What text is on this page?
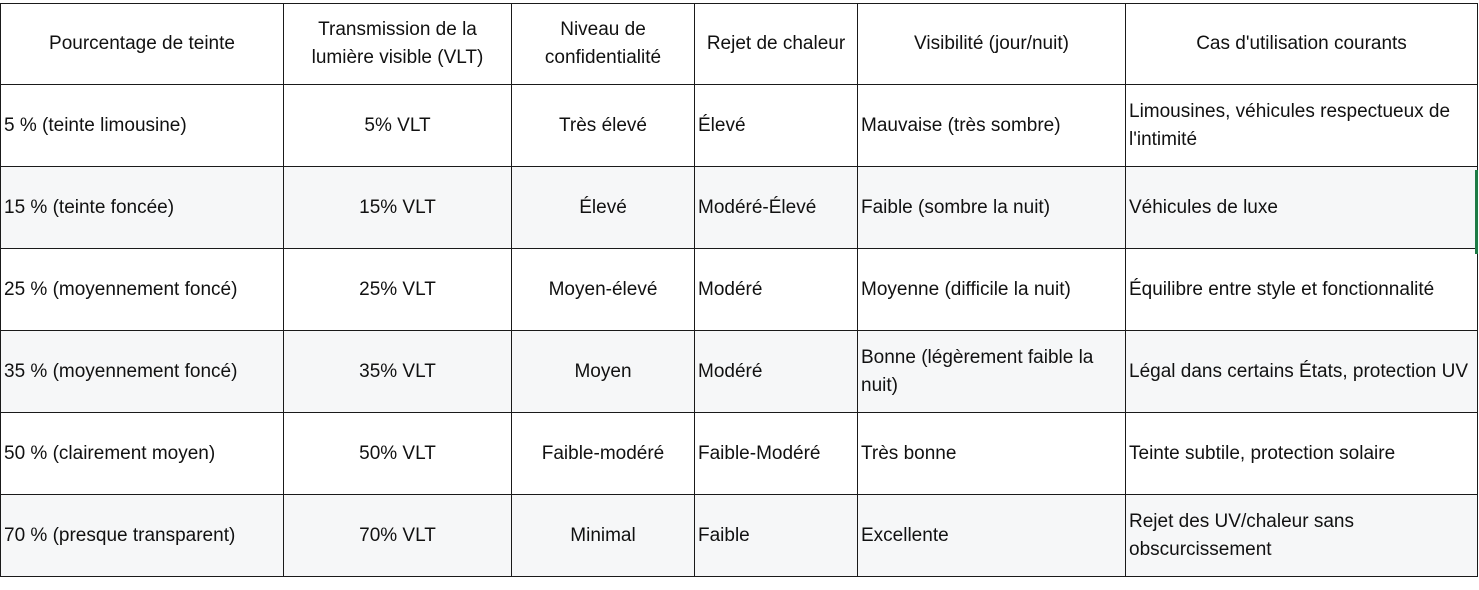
Pourcentage de teinte	Transmission de la lumière visible (VLT)	Niveau de confidentialité	Rejet de chaleur	Visibilité (jour/nuit)	Cas d'utilisation courants
5 % (teinte limousine)	5% VLT	Très élevé	Élevé	Mauvaise (très sombre)	Limousines, véhicules respectueux de l'intimité
15 % (teinte foncée)	15% VLT	Élevé	Modéré-Élevé	Faible (sombre la nuit)	Véhicules de luxe
25 % (moyennement foncé)	25% VLT	Moyen-élevé	Modéré	Moyenne (difficile la nuit)	Équilibre entre style et fonctionnalité
35 % (moyennement foncé)	35% VLT	Moyen	Modéré	Bonne (légèrement faible la nuit)	Légal dans certains États, protection UV
50 % (clairement moyen)	50% VLT	Faible-modéré	Faible-Modéré	Très bonne	Teinte subtile, protection solaire
70 % (presque transparent)	70% VLT	Minimal	Faible	Excellente	Rejet des UV/chaleur sans obscurcissement
